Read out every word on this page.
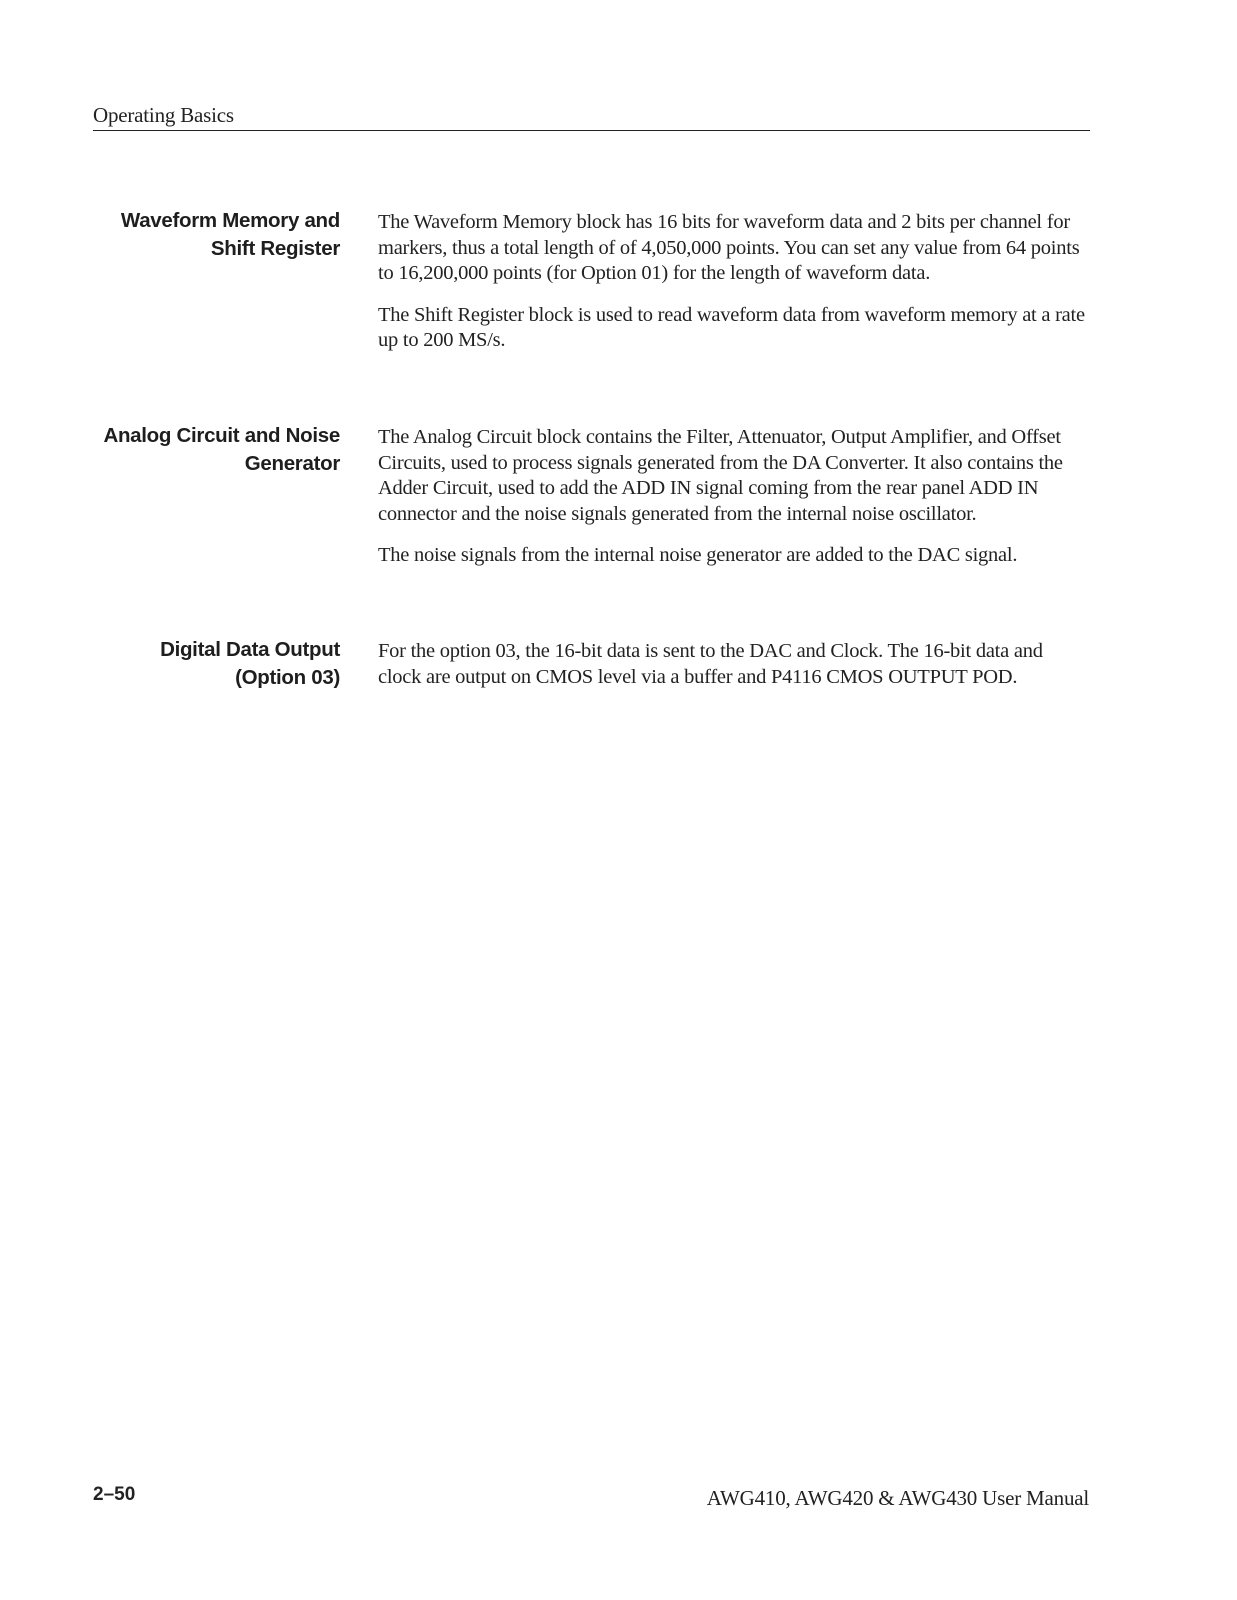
Operating Basics
Waveform Memory and
Shift Register

The Waveform Memory block has 16 bits for waveform data and 2 bits per channel for markers, thus a total length of of 4,050,000 points. You can set any value from 64 points to 16,200,000 points (for Option 01) for the length of waveform data.

The Shift Register block is used to read waveform data from waveform memory at a rate up to 200 MS/s.

Analog Circuit and Noise
Generator

The Analog Circuit block contains the Filter, Attenuator, Output Amplifier, and Offset Circuits, used to process signals generated from the DA Converter. It also contains the Adder Circuit, used to add the ADD IN signal coming from the rear panel ADD IN connector and the noise signals generated from the internal noise oscillator.

The noise signals from the internal noise generator are added to the DAC signal.

Digital Data Output
(Option 03)

For the option 03, the 16-bit data is sent to the DAC and Clock. The 16-bit data and clock are output on CMOS level via a buffer and P4116 CMOS OUTPUT POD.

2–50	AWG410, AWG420 & AWG430 User Manual
